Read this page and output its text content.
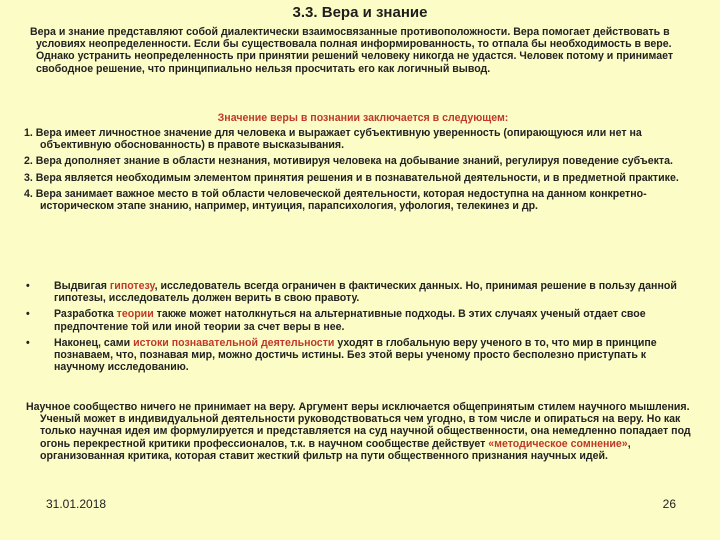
3.3. Вера и знание
Вера и знание представляют собой диалектически взаимосвязанные противоположности. Вера помогает действовать в условиях неопределенности. Если бы существовала полная информированность, то отпала бы необходимость в вере. Однако устранить неопределенность при принятии решений человеку никогда не удастся. Человек потому и принимает свободное решение, что принципиально нельзя просчитать его как логичный вывод.
Значение веры в познании заключается в следующем:
1. Вера имеет личностное значение для человека и выражает субъективную уверенность (опирающуюся или нет на объективную обоснованность) в правоте высказывания.
2. Вера дополняет знание в области незнания, мотивируя человека на добывание знаний, регулируя поведение субъекта.
3. Вера является необходимым элементом принятия решения и в познавательной деятельности, и в предметной практике.
4. Вера занимает важное место в той области человеческой деятельности, которая недоступна на данном конкретно-историческом этапе знанию, например, интуиция, парапсихология, уфология, телекинез и др.
•	Выдвигая гипотезу, исследователь всегда ограничен в фактических данных. Но, принимая решение в пользу данной гипотезы, исследователь должен верить в свою правоту.
•	Разработка теории также может натолкнуться на альтернативные подходы. В этих случаях ученый отдает свое предпочтение той или иной теории за счет веры в нее.
•	Наконец, сами истоки познавательной деятельности уходят в глобальную веру ученого в то, что мир в принципе познаваем, что, познавая мир, можно достичь истины. Без этой веры ученому просто бесполезно приступать к научному исследованию.
Научное сообщество ничего не принимает на веру. Аргумент веры исключается общепринятым стилем научного мышления. Ученый может в индивидуальной деятельности руководствоваться чем угодно, в том числе и опираться на веру. Но как только научная идея им формулируется и представляется на суд научной общественности, она немедленно попадает под огонь перекрестной критики профессионалов, т.к. в научном сообществе действует «методическое сомнение», организованная критика, которая ставит жесткий фильтр на пути общественного признания научных идей.
31.01.2018	26
